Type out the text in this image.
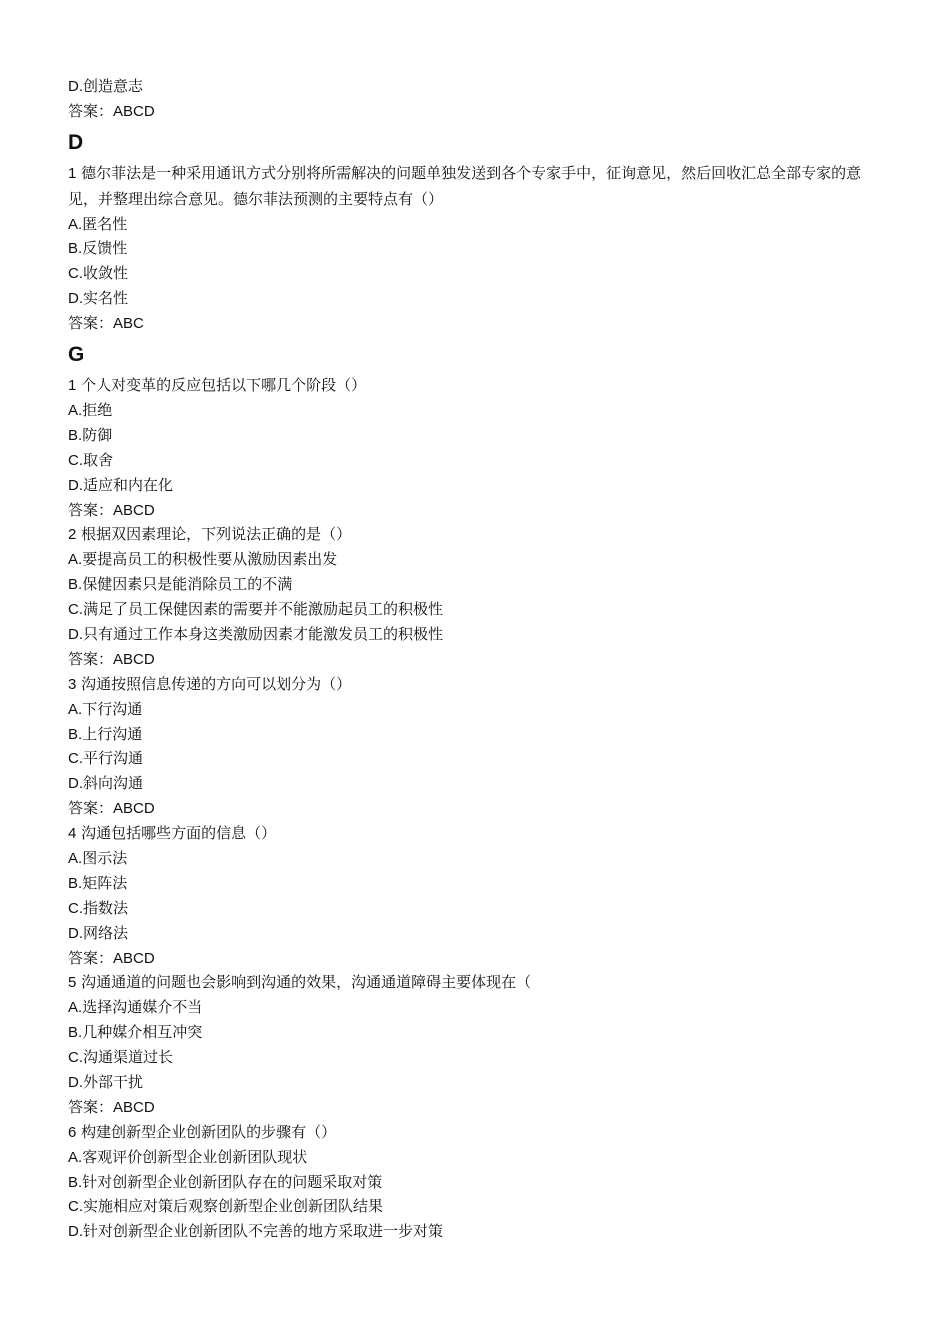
D.创造意志
答案：ABCD
D
1 德尔菲法是一种采用通讯方式分别将所需解决的问题单独发送到各个专家手中，征询意见，然后回收汇总全部专家的意见，并整理出综合意见。德尔菲法预测的主要特点有（）
A.匿名性
B.反馈性
C.收敛性
D.实名性
答案：ABC
G
1 个人对变革的反应包括以下哪几个阶段（）
A.拒绝
B.防御
C.取舍
D.适应和内在化
答案：ABCD
2 根据双因素理论，下列说法正确的是（）
A.要提高员工的积极性要从激励因素出发
B.保健因素只是能消除员工的不满
C.满足了员工保健因素的需要并不能激励起员工的积极性
D.只有通过工作本身这类激励因素才能激发员工的积极性
答案：ABCD
3 沟通按照信息传递的方向可以划分为（）
A.下行沟通
B.上行沟通
C.平行沟通
D.斜向沟通
答案：ABCD
4 沟通包括哪些方面的信息（）
A.图示法
B.矩阵法
C.指数法
D.网络法
答案：ABCD
5 沟通通道的问题也会影响到沟通的效果，沟通通道障碍主要体现在（
A.选择沟通媒介不当
B.几种媒介相互冲突
C.沟通渠道过长
D.外部干扰
答案：ABCD
6 构建创新型企业创新团队的步骤有（）
A.客观评价创新型企业创新团队现状
B.针对创新型企业创新团队存在的问题采取对策
C.实施相应对策后观察创新型企业创新团队结果
D.针对创新型企业创新团队不完善的地方采取进一步对策
